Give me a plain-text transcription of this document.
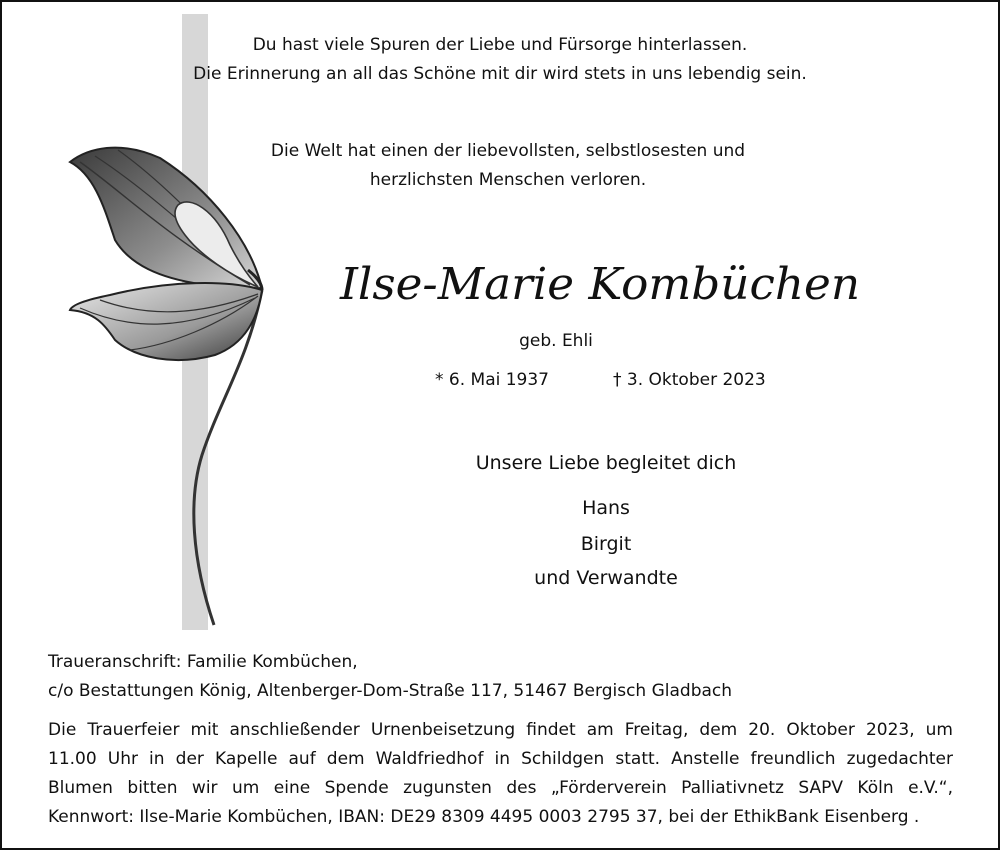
Du hast viele Spuren der Liebe und Fürsorge hinterlassen.
Die Erinnerung an all das Schöne mit dir wird stets in uns lebendig sein.
Die Welt hat einen der liebevollsten, selbstlosesten und
herzlichsten Menschen verloren.
Ilse-Marie Kombüchen
geb. Ehli
* 6. Mai 1937	† 3. Oktober 2023
Unsere Liebe begleitet dich
Hans
Birgit
und Verwandte
Traueranschrift: Familie Kombüchen,
c/o Bestattungen König, Altenberger-Dom-Straße 117, 51467 Bergisch Gladbach
Die Trauerfeier mit anschließender Urnenbeisetzung findet am Freitag, dem 20. Oktober 2023, um
11.00 Uhr in der Kapelle auf dem Waldfriedhof in Schildgen statt. Anstelle freundlich zugedachter
Blumen bitten wir um eine Spende zugunsten des „Förderverein Palliativnetz SAPV Köln e.V.“,
Kennwort: Ilse-Marie Kombüchen, IBAN: DE29 8309 4495 0003 2795 37, bei der EthikBank Eisenberg .
